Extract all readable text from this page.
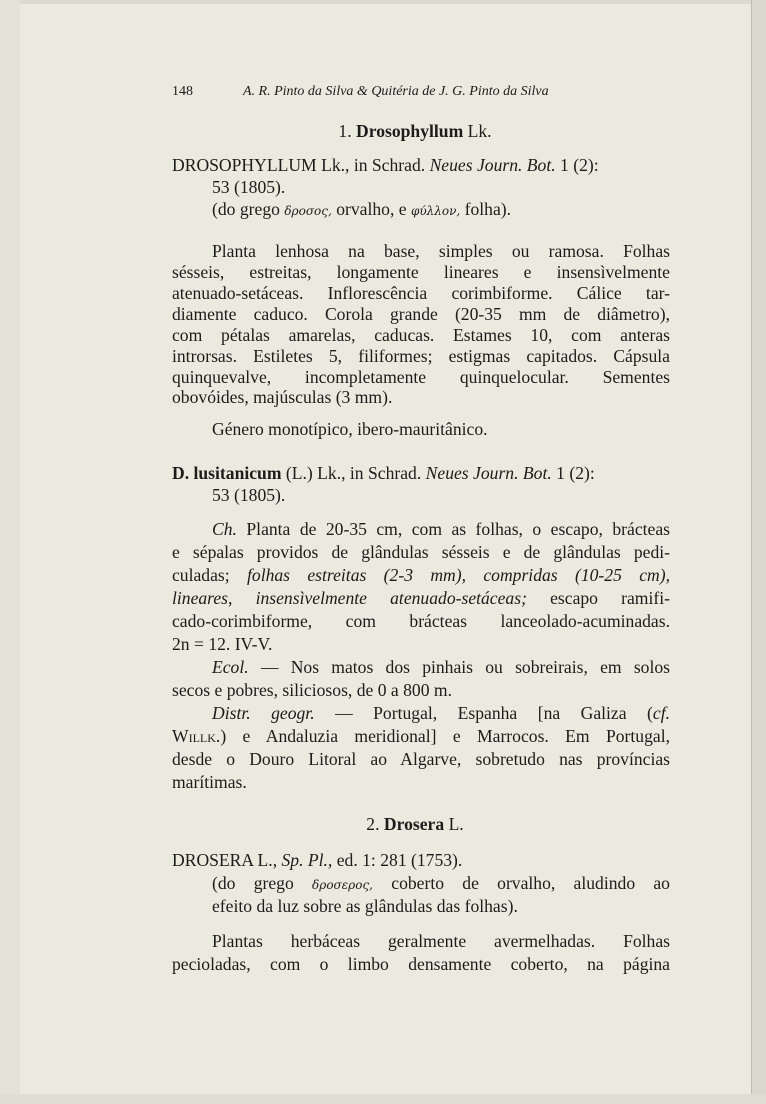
148	A. R. Pinto da Silva & Quitéria de J. G. Pinto da Silva
1. Drosophyllum Lk.
DROSOPHYLLUM Lk., in Schrad. Neues Journ. Bot. 1 (2):
53 (1805).
(do grego δροσος, orvalho, e φύλλον, folha).
Planta lenhosa na base, simples ou ramosa. Folhas
sésseis, estreitas, longamente lineares e insensìvelmente
atenuado-setáceas. Inflorescência corimbiforme. Cálice tar-
diamente caduco. Corola grande (20-35 mm de diâmetro),
com pétalas amarelas, caducas. Estames 10, com anteras
introrsas. Estiletes 5, filiformes; estigmas capitados. Cápsula
quinquevalve, incompletamente quinquelocular. Sementes
obovóides, majúsculas (3 mm).
Género monotípico, ibero-mauritânico.
D. lusitanicum (L.) Lk., in Schrad. Neues Journ. Bot. 1 (2):
53 (1805).
Ch. Planta de 20-35 cm, com as folhas, o escapo, brácteas
e sépalas providos de glândulas sésseis e de glândulas pedi-
culadas; folhas estreitas (2-3 mm), compridas (10-25 cm),
lineares, insensìvelmente atenuado-setáceas; escapo ramifi-
cado-corimbiforme, com brácteas lanceolado-acuminadas.
2n = 12. IV-V.
Ecol. — Nos matos dos pinhais ou sobreirais, em solos
secos e pobres, siliciosos, de 0 a 800 m.
Distr. geogr. — Portugal, Espanha [na Galiza (cf.
Willk.) e Andaluzia meridional] e Marrocos. Em Portugal,
desde o Douro Litoral ao Algarve, sobretudo nas províncias
marítimas.
2. Drosera L.
DROSERA L., Sp. Pl., ed. 1: 281 (1753).
(do grego δροσερος, coberto de orvalho, aludindo ao
efeito da luz sobre as glândulas das folhas).
Plantas herbáceas geralmente avermelhadas. Folhas
pecioladas, com o limbo densamente coberto, na página
